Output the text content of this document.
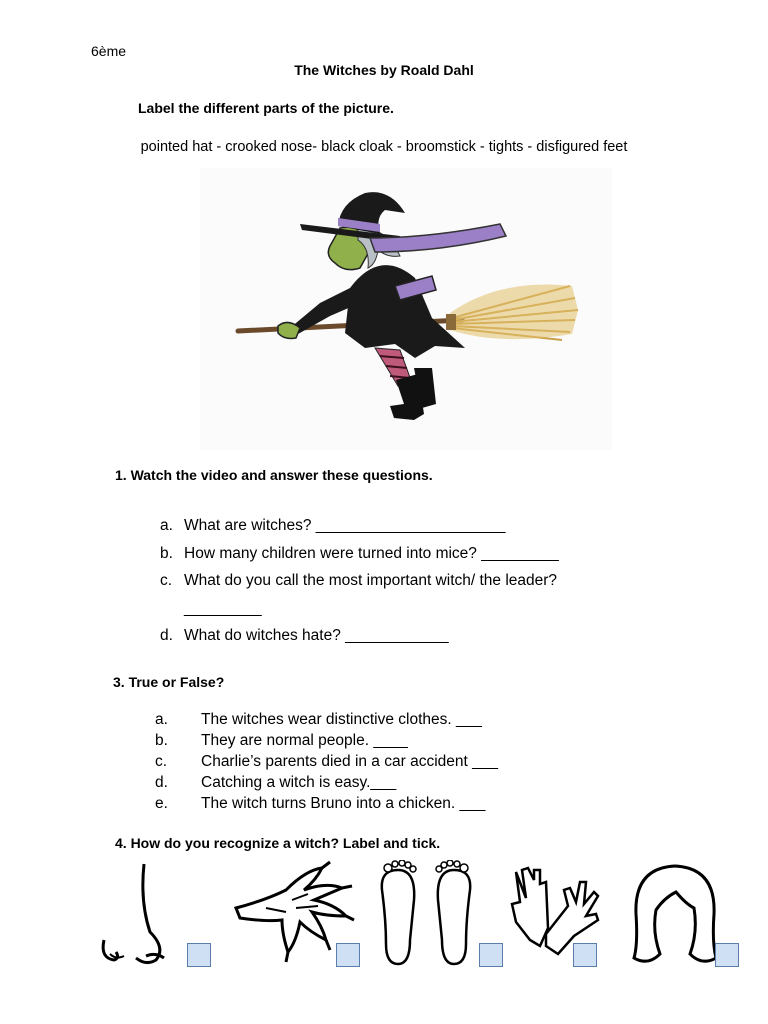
6ème
The Witches by Roald Dahl
Label the different parts of the picture.
pointed hat - crooked nose- black cloak - broomstick - tights - disfigured feet
1. Watch the video and answer these questions.
a. What are witches? ______________________
b. How many children were turned into mice? _________
c. What do you call the most important witch/ the leader?
_________
d. What do witches hate? ____________
3. True or False?
a. The witches wear distinctive clothes. ___
b. They are normal people. ____
c. Charlie’s parents died in a car accident ___
d. Catching a witch is easy.___
e. The witch turns Bruno into a chicken. ___
4. How do you recognize a witch? Label and tick.
